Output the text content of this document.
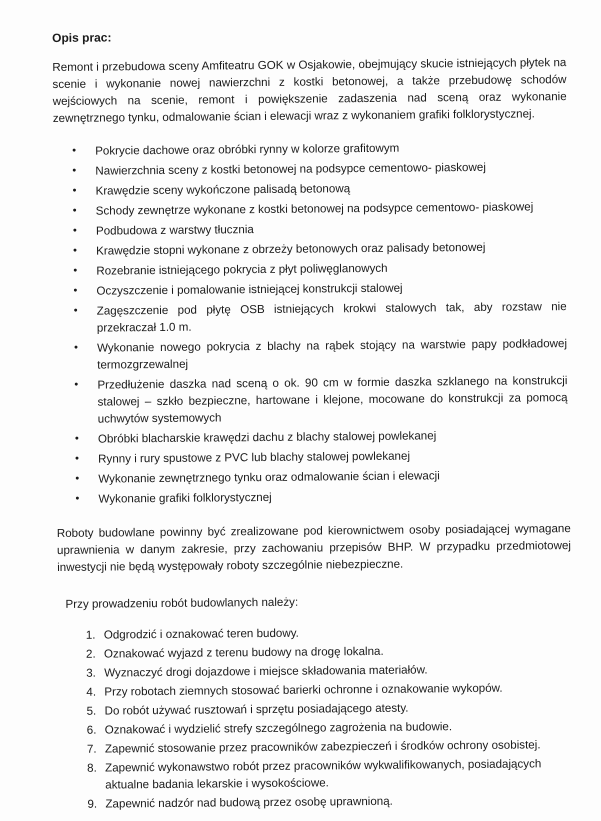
Opis prac:

Remont i przebudowa sceny Amfiteatru GOK w Osjakowie, obejmujący skucie istniejących płytek na scenie i wykonanie nowej nawierzchni z kostki betonowej, a także przebudowę schodów wejściowych na scenie, remont i powiększenie zadaszenia nad sceną oraz wykonanie zewnętrznego tynku, odmalowanie ścian i elewacji wraz z wykonaniem grafiki folklorystycznej.

• Pokrycie dachowe oraz obróbki rynny w kolorze grafitowym
• Nawierzchnia sceny z kostki betonowej na podsypce cementowo- piaskowej
• Krawędzie sceny wykończone palisadą betonową
• Schody zewnętrze wykonane z kostki betonowej na podsypce cementowo- piaskowej
• Podbudowa z warstwy tłucznia
• Krawędzie stopni wykonane z obrzeży betonowych oraz palisady betonowej
• Rozebranie istniejącego pokrycia z płyt poliwęglanowych
• Oczyszczenie i pomalowanie istniejącej konstrukcji stalowej
• Zagęszczenie pod płytę OSB istniejących krokwi stalowych tak, aby rozstaw nie przekraczał 1.0 m.
• Wykonanie nowego pokrycia z blachy na rąbek stojący na warstwie papy podkładowej termozgrzewalnej
• Przedłużenie daszka nad sceną o ok. 90 cm w formie daszka szklanego na konstrukcji stalowej – szkło bezpieczne, hartowane i klejone, mocowane do konstrukcji za pomocą uchwytów systemowych
• Obróbki blacharskie krawędzi dachu z blachy stalowej powlekanej
• Rynny i rury spustowe z PVC lub blachy stalowej powlekanej
• Wykonanie zewnętrznego tynku oraz odmalowanie ścian i elewacji
• Wykonanie grafiki folklorystycznej

Roboty budowlane powinny być zrealizowane pod kierownictwem osoby posiadającej wymagane uprawnienia w danym zakresie, przy zachowaniu przepisów BHP. W przypadku przedmiotowej inwestycji nie będą występowały roboty szczególnie niebezpieczne.

Przy prowadzeniu robót budowlanych należy:

1. Odgrodzić i oznakować teren budowy.
2. Oznakować wyjazd z terenu budowy na drogę lokalna.
3. Wyznaczyć drogi dojazdowe i miejsce składowania materiałów.
4. Przy robotach ziemnych stosować barierki ochronne i oznakowanie wykopów.
5. Do robót używać rusztowań i sprzętu posiadającego atesty.
6. Oznakować i wydzielić strefy szczególnego zagrożenia na budowie.
7. Zapewnić stosowanie przez pracowników zabezpieczeń i środków ochrony osobistej.
8. Zapewnić wykonawstwo robót przez pracowników wykwalifikowanych, posiadających aktualne badania lekarskie i wysokościowe.
9. Zapewnić nadzór nad budową przez osobę uprawnioną.
